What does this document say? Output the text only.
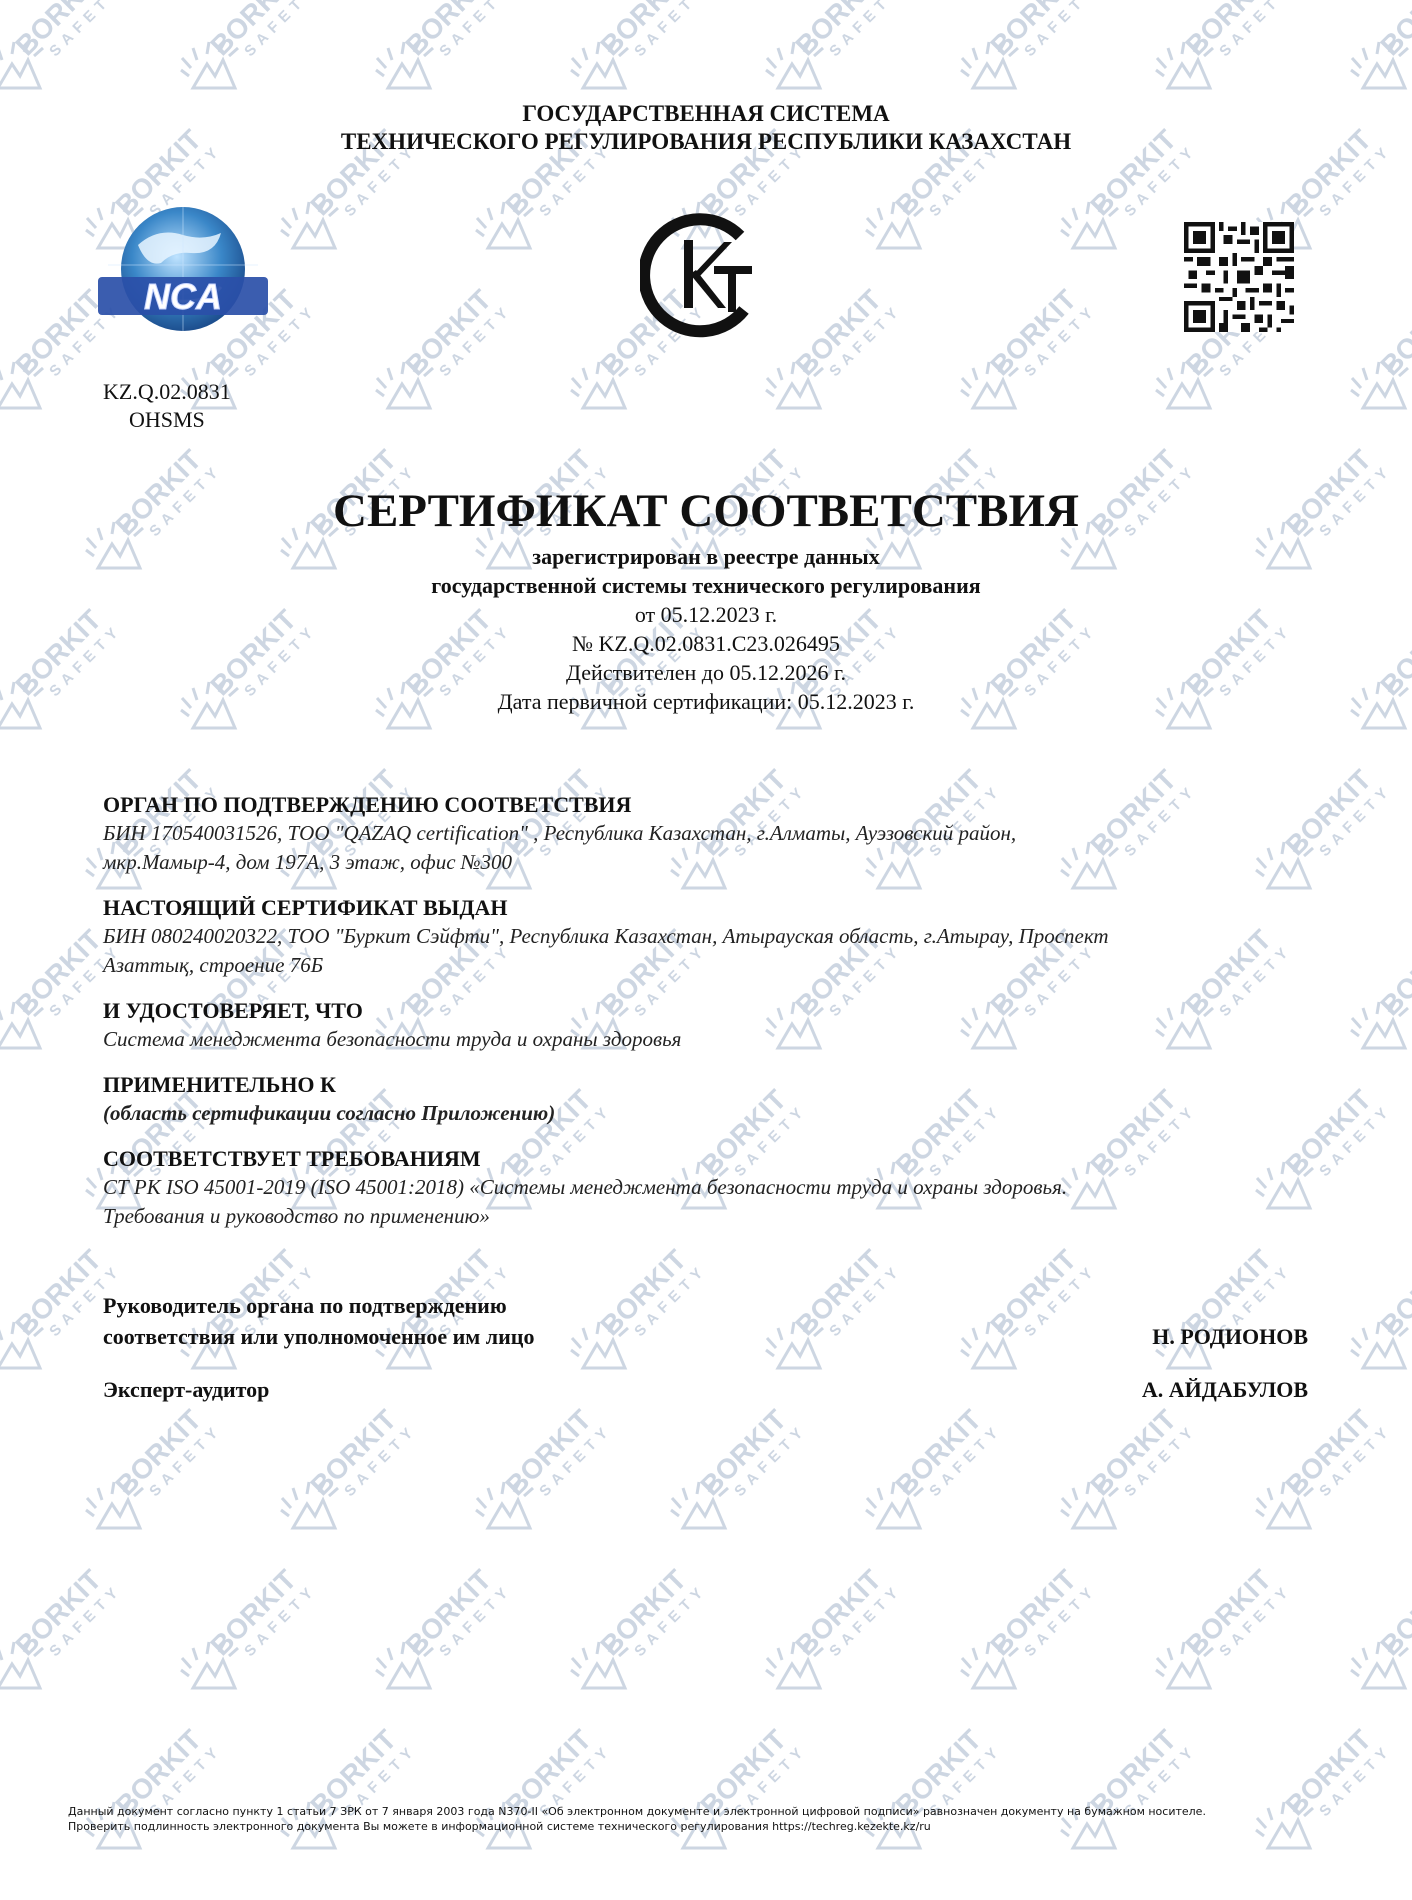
ГОСУДАРСТВЕННАЯ СИСТЕМА
ТЕХНИЧЕСКОГО РЕГУЛИРОВАНИЯ РЕСПУБЛИКИ КАЗАХСТАН
NCA
KZ.Q.02.0831
OHSMS
СЕРТИФИКАТ СООТВЕТСТВИЯ
зарегистрирован в реестре данных
государственной системы технического регулирования
от 05.12.2023 г.
№ KZ.Q.02.0831.C23.026495
Действителен до 05.12.2026 г.
Дата первичной сертификации: 05.12.2023 г.
ОРГАН ПО ПОДТВЕРЖДЕНИЮ СООТВЕТСТВИЯ
БИН 170540031526, ТОО "QAZAQ certification" , Республика Казахстан, г.Алматы, Ауэзовский район,
мкр.Мамыр-4, дом 197А, 3 этаж, офис №300
НАСТОЯЩИЙ СЕРТИФИКАТ ВЫДАН
БИН 080240020322, ТОО "Буркит Сэйфти", Республика Казахстан, Атырауская область, г.Атырау, Проспект
Азаттық, строение 76Б
И УДОСТОВЕРЯЕТ, ЧТО
Система менеджмента безопасности труда и охраны здоровья
ПРИМЕНИТЕЛЬНО К
(область сертификации согласно Приложению)
СООТВЕТСТВУЕТ ТРЕБОВАНИЯМ
СТ РК ISO 45001-2019 (ISO 45001:2018) «Системы менеджмента безопасности труда и охраны здоровья.
Требования и руководство по применению»
Руководитель органа по подтверждению
соответствия или уполномоченное им лицо	Н. РОДИОНОВ
Эксперт-аудитор	А. АЙДАБУЛОВ
Данный документ согласно пункту 1 статьи 7 ЗРК от 7 января 2003 года N370-II «Об электронном документе и электронной цифровой подписи» равнозначен документу на бумажном носителе.
Проверить подлинность электронного документа Вы можете в информационной системе технического регулирования https://techreg.kezekte.kz/ru
